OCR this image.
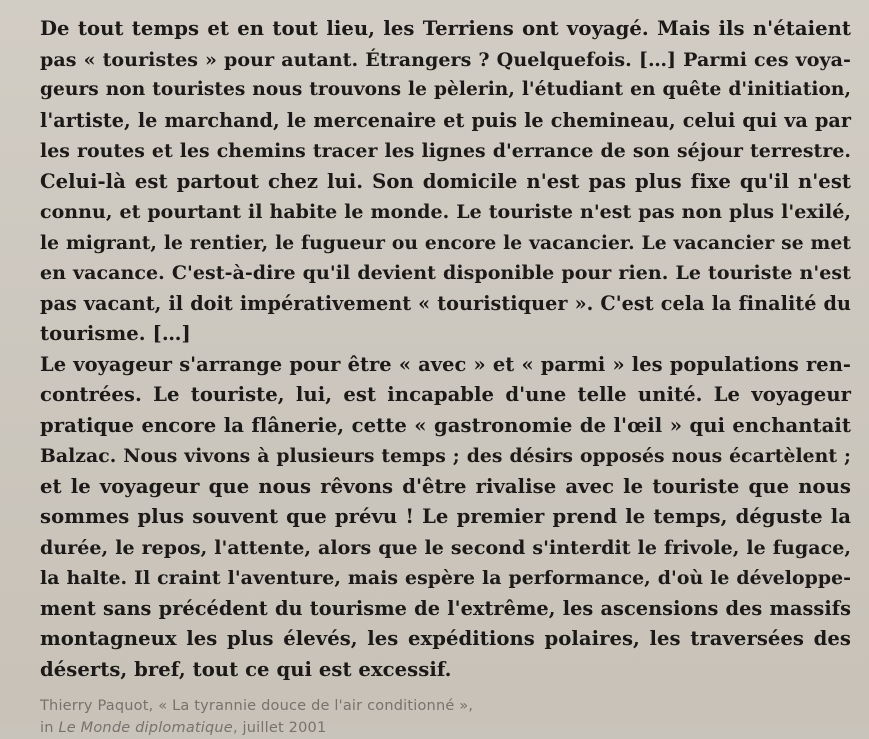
De tout temps et en tout lieu, les Terriens ont voyagé. Mais ils n'étaient
pas « touristes » pour autant. Étrangers ? Quelquefois. […] Parmi ces voya-
geurs non touristes nous trouvons le pèlerin, l'étudiant en quête d'initiation,
l'artiste, le marchand, le mercenaire et puis le chemineau, celui qui va par
les routes et les chemins tracer les lignes d'errance de son séjour terrestre.
Celui-là est partout chez lui. Son domicile n'est pas plus fixe qu'il n'est
connu, et pourtant il habite le monde. Le touriste n'est pas non plus l'exilé,
le migrant, le rentier, le fugueur ou encore le vacancier. Le vacancier se met
en vacance. C'est-à-dire qu'il devient disponible pour rien. Le touriste n'est
pas vacant, il doit impérativement « touristiquer ». C'est cela la finalité du
tourisme. […]
Le voyageur s'arrange pour être « avec » et « parmi » les populations ren-
contrées. Le touriste, lui, est incapable d'une telle unité. Le voyageur
pratique encore la flânerie, cette « gastronomie de l'œil » qui enchantait
Balzac. Nous vivons à plusieurs temps ; des désirs opposés nous écartèlent ;
et le voyageur que nous rêvons d'être rivalise avec le touriste que nous
sommes plus souvent que prévu ! Le premier prend le temps, déguste la
durée, le repos, l'attente, alors que le second s'interdit le frivole, le fugace,
la halte. Il craint l'aventure, mais espère la performance, d'où le développe-
ment sans précédent du tourisme de l'extrême, les ascensions des massifs
montagneux les plus élevés, les expéditions polaires, les traversées des
déserts, bref, tout ce qui est excessif.
Thierry Paquot, « La tyrannie douce de l'air conditionné »,
in Le Monde diplomatique, juillet 2001
